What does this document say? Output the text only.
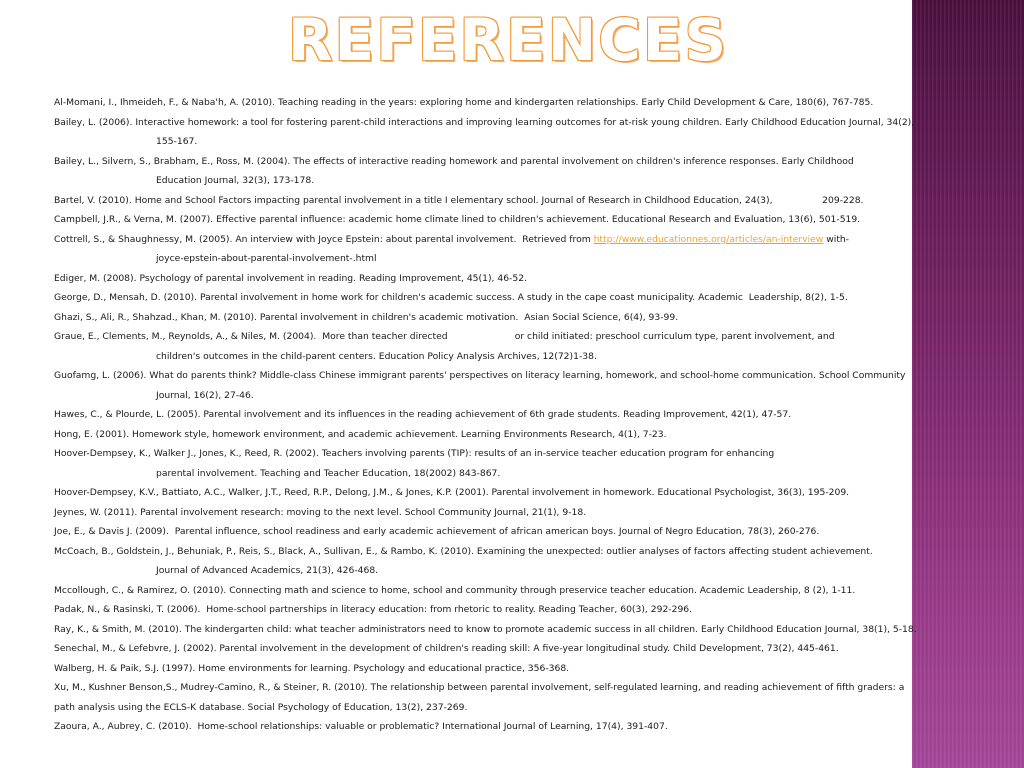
REFERENCES
Al-Momani, I., Ihmeideh, F., & Naba'h, A. (2010). Teaching reading in the years: exploring home and kindergarten relationships. Early Child Development & Care, 180(6), 767-785.
Bailey, L. (2006). Interactive homework: a tool for fostering parent-child interactions and improving learning outcomes for at-risk young children. Early Childhood Education Journal, 34(2),
155-167.
Bailey, L., Silvern, S., Brabham, E., Ross, M. (2004). The effects of interactive reading homework and parental involvement on children's inference responses. Early Childhood
Education Journal, 32(3), 173-178.
Bartel, V. (2010). Home and School Factors impacting parental involvement in a title I elementary school. Journal of Research in Childhood Education, 24(3),                 209-228.
Campbell, J.R., & Verna, M. (2007). Effective parental influence: academic home climate lined to children's achievement. Educational Research and Evaluation, 13(6), 501-519.
Cottrell, S., & Shaughnessy, M. (2005). An interview with Joyce Epstein: about parental involvement.  Retrieved from http://www.educationnes.org/articles/an-interview with-
joyce-epstein-about-parental-involvement-.html
Ediger, M. (2008). Psychology of parental involvement in reading. Reading Improvement, 45(1), 46-52.
George, D., Mensah, D. (2010). Parental involvement in home work for children's academic success. A study in the cape coast municipality. Academic  Leadership, 8(2), 1-5.
Ghazi, S., Ali, R., Shahzad., Khan, M. (2010). Parental involvement in children's academic motivation.  Asian Social Science, 6(4), 93-99.
Graue, E., Clements, M., Reynolds, A., & Niles, M. (2004).  More than teacher directed                       or child initiated: preschool curriculum type, parent involvement, and
children's outcomes in the child-parent centers. Education Policy Analysis Archives, 12(72)1-38.
Guofamg, L. (2006). What do parents think? Middle-class Chinese immigrant parents' perspectives on literacy learning, homework, and school-home communication. School Community
Journal, 16(2), 27-46.
Hawes, C., & Plourde, L. (2005). Parental involvement and its influences in the reading achievement of 6th grade students. Reading Improvement, 42(1), 47-57.
Hong, E. (2001). Homework style, homework environment, and academic achievement. Learning Environments Research, 4(1), 7-23.
Hoover-Dempsey, K., Walker J., Jones, K., Reed, R. (2002). Teachers involving parents (TIP): results of an in-service teacher education program for enhancing
parental involvement. Teaching and Teacher Education, 18(2002) 843-867.
Hoover-Dempsey, K.V., Battiato, A.C., Walker, J.T., Reed, R.P., Delong, J.M., & Jones, K.P. (2001). Parental involvement in homework. Educational Psychologist, 36(3), 195-209.
Jeynes, W. (2011). Parental involvement research: moving to the next level. School Community Journal, 21(1), 9-18.
Joe, E., & Davis J. (2009).  Parental influence, school readiness and early academic achievement of african american boys. Journal of Negro Education, 78(3), 260-276.
McCoach, B., Goldstein, J., Behuniak, P., Reis, S., Black, A., Sullivan, E., & Rambo, K. (2010). Examining the unexpected: outlier analyses of factors affecting student achievement.
Journal of Advanced Academics, 21(3), 426-468.
Mccollough, C., & Ramirez, O. (2010). Connecting math and science to home, school and community through preservice teacher education. Academic Leadership, 8 (2), 1-11.
Padak, N., & Rasinski, T. (2006).  Home-school partnerships in literacy education: from rhetoric to reality. Reading Teacher, 60(3), 292-296.
Ray, K., & Smith, M. (2010). The kindergarten child: what teacher administrators need to know to promote academic success in all children. Early Childhood Education Journal, 38(1), 5-18.
Senechal, M., & Lefebvre, J. (2002). Parental involvement in the development of children's reading skill: A five-year longitudinal study. Child Development, 73(2), 445-461.
Walberg, H. & Paik, S.J. (1997). Home environments for learning. Psychology and educational practice, 356-368.
Xu, M., Kushner Benson,S., Mudrey-Camino, R., & Steiner, R. (2010). The relationship between parental involvement, self-regulated learning, and reading achievement of fifth graders: a
path analysis using the ECLS-K database. Social Psychology of Education, 13(2), 237-269.
Zaoura, A., Aubrey, C. (2010).  Home-school relationships: valuable or problematic? International Journal of Learning, 17(4), 391-407.
